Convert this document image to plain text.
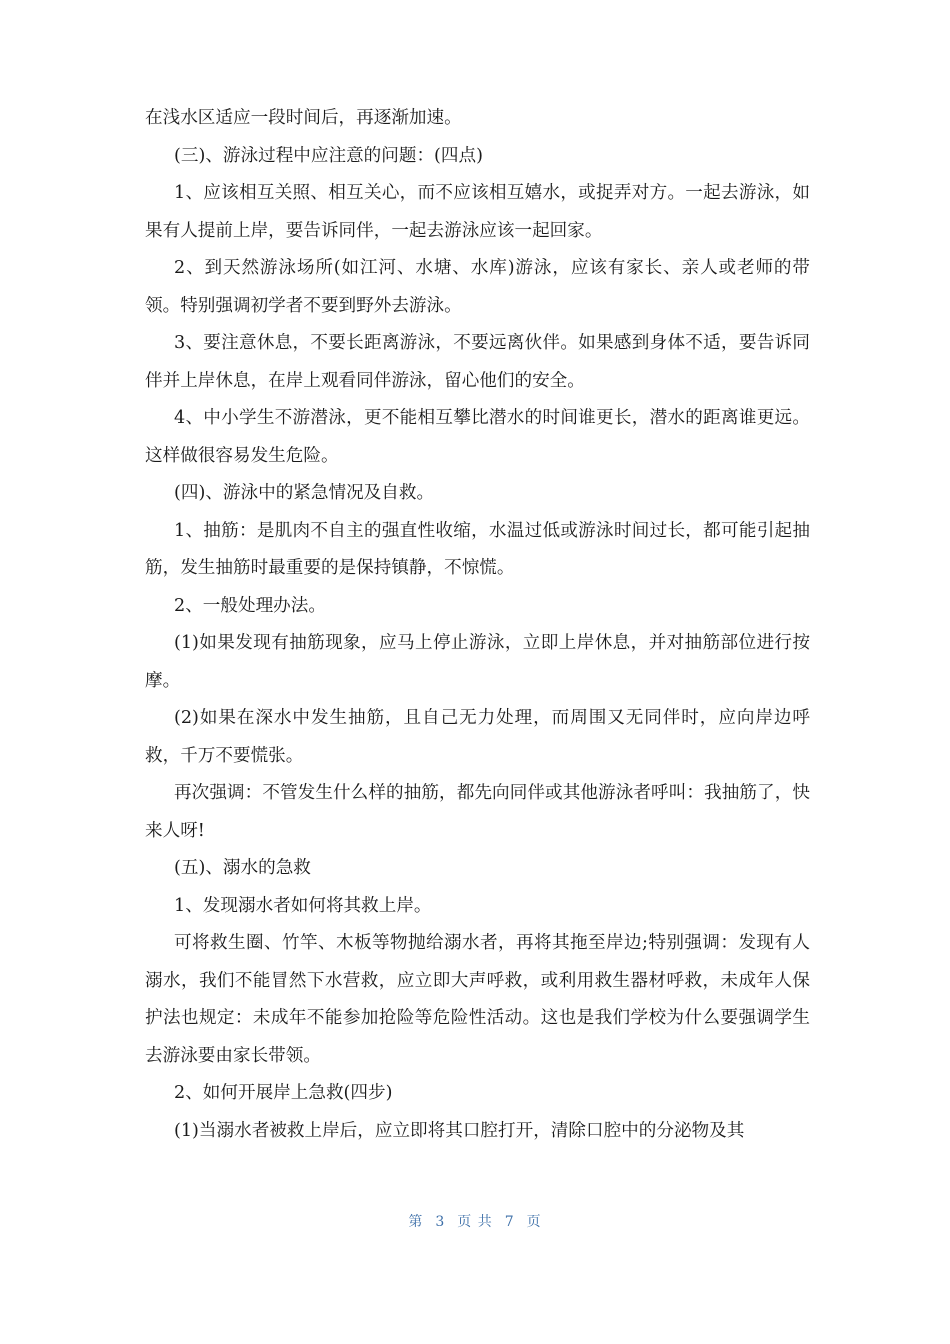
在浅水区适应一段时间后，再逐渐加速。

(三)、游泳过程中应注意的问题：(四点)

1、应该相互关照、相互关心，而不应该相互嬉水，或捉弄对方。一起去游泳，如果有人提前上岸，要告诉同伴，一起去游泳应该一起回家。

2、到天然游泳场所(如江河、水塘、水库)游泳，应该有家长、亲人或老师的带领。特别强调初学者不要到野外去游泳。

3、要注意休息，不要长距离游泳，不要远离伙伴。如果感到身体不适，要告诉同伴并上岸休息，在岸上观看同伴游泳，留心他们的安全。

4、中小学生不游潜泳，更不能相互攀比潜水的时间谁更长，潜水的距离谁更远。这样做很容易发生危险。

(四)、游泳中的紧急情况及自救。

1、抽筋：是肌肉不自主的强直性收缩，水温过低或游泳时间过长，都可能引起抽筋，发生抽筋时最重要的是保持镇静，不惊慌。

2、一般处理办法。

(1)如果发现有抽筋现象，应马上停止游泳，立即上岸休息，并对抽筋部位进行按摩。

(2)如果在深水中发生抽筋，且自己无力处理，而周围又无同伴时，应向岸边呼救，千万不要慌张。

再次强调：不管发生什么样的抽筋，都先向同伴或其他游泳者呼叫：我抽筋了，快来人呀!

(五)、溺水的急救

1、发现溺水者如何将其救上岸。

可将救生圈、竹竿、木板等物抛给溺水者，再将其拖至岸边;特别强调：发现有人溺水，我们不能冒然下水营救，应立即大声呼救，或利用救生器材呼救，未成年人保护法也规定：未成年不能参加抢险等危险性活动。这也是我们学校为什么要强调学生去游泳要由家长带领。

2、如何开展岸上急救(四步)

(1)当溺水者被救上岸后，应立即将其口腔打开，清除口腔中的分泌物及其

第 3 页 共 7 页
